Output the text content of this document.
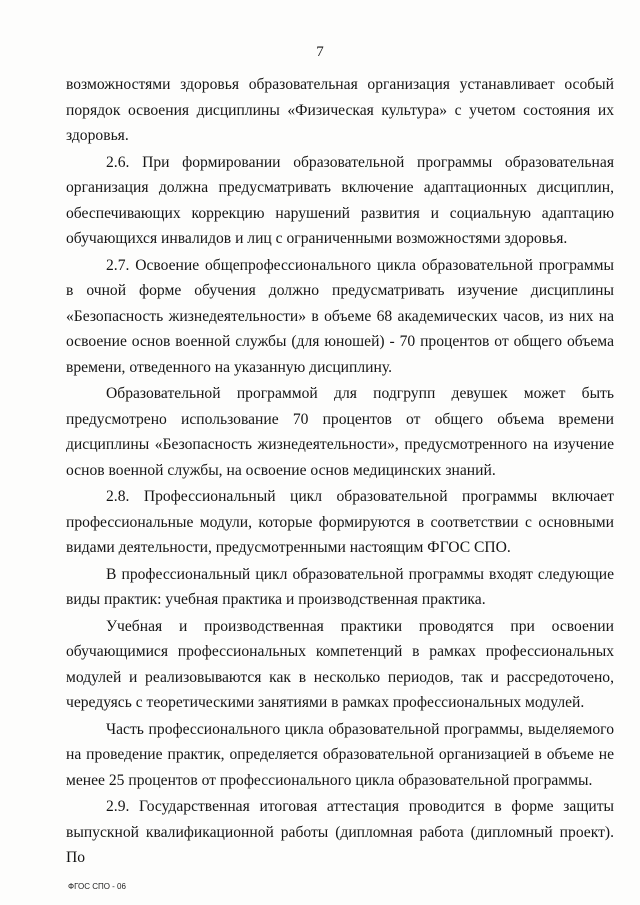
7

возможностями здоровья образовательная организация устанавливает особый порядок освоения дисциплины «Физическая культура» с учетом состояния их здоровья.

2.6. При формировании образовательной программы образовательная организация должна предусматривать включение адаптационных дисциплин, обеспечивающих коррекцию нарушений развития и социальную адаптацию обучающихся инвалидов и лиц с ограниченными возможностями здоровья.

2.7. Освоение общепрофессионального цикла образовательной программы в очной форме обучения должно предусматривать изучение дисциплины «Безопасность жизнедеятельности» в объеме 68 академических часов, из них на освоение основ военной службы (для юношей) - 70 процентов от общего объема времени, отведенного на указанную дисциплину.

Образовательной программой для подгрупп девушек может быть предусмотрено использование 70 процентов от общего объема времени дисциплины «Безопасность жизнедеятельности», предусмотренного на изучение основ военной службы, на освоение основ медицинских знаний.

2.8. Профессиональный цикл образовательной программы включает профессиональные модули, которые формируются в соответствии с основными видами деятельности, предусмотренными настоящим ФГОС СПО.

В профессиональный цикл образовательной программы входят следующие виды практик: учебная практика и производственная практика.

Учебная и производственная практики проводятся при освоении обучающимися профессиональных компетенций в рамках профессиональных модулей и реализовываются как в несколько периодов, так и рассредоточено, чередуясь с теоретическими занятиями в рамках профессиональных модулей.

Часть профессионального цикла образовательной программы, выделяемого на проведение практик, определяется образовательной организацией в объеме не менее 25 процентов от профессионального цикла образовательной программы.

2.9. Государственная итоговая аттестация проводится в форме защиты выпускной квалификационной работы (дипломная работа (дипломный проект). По

ФГОС СПО - 06
